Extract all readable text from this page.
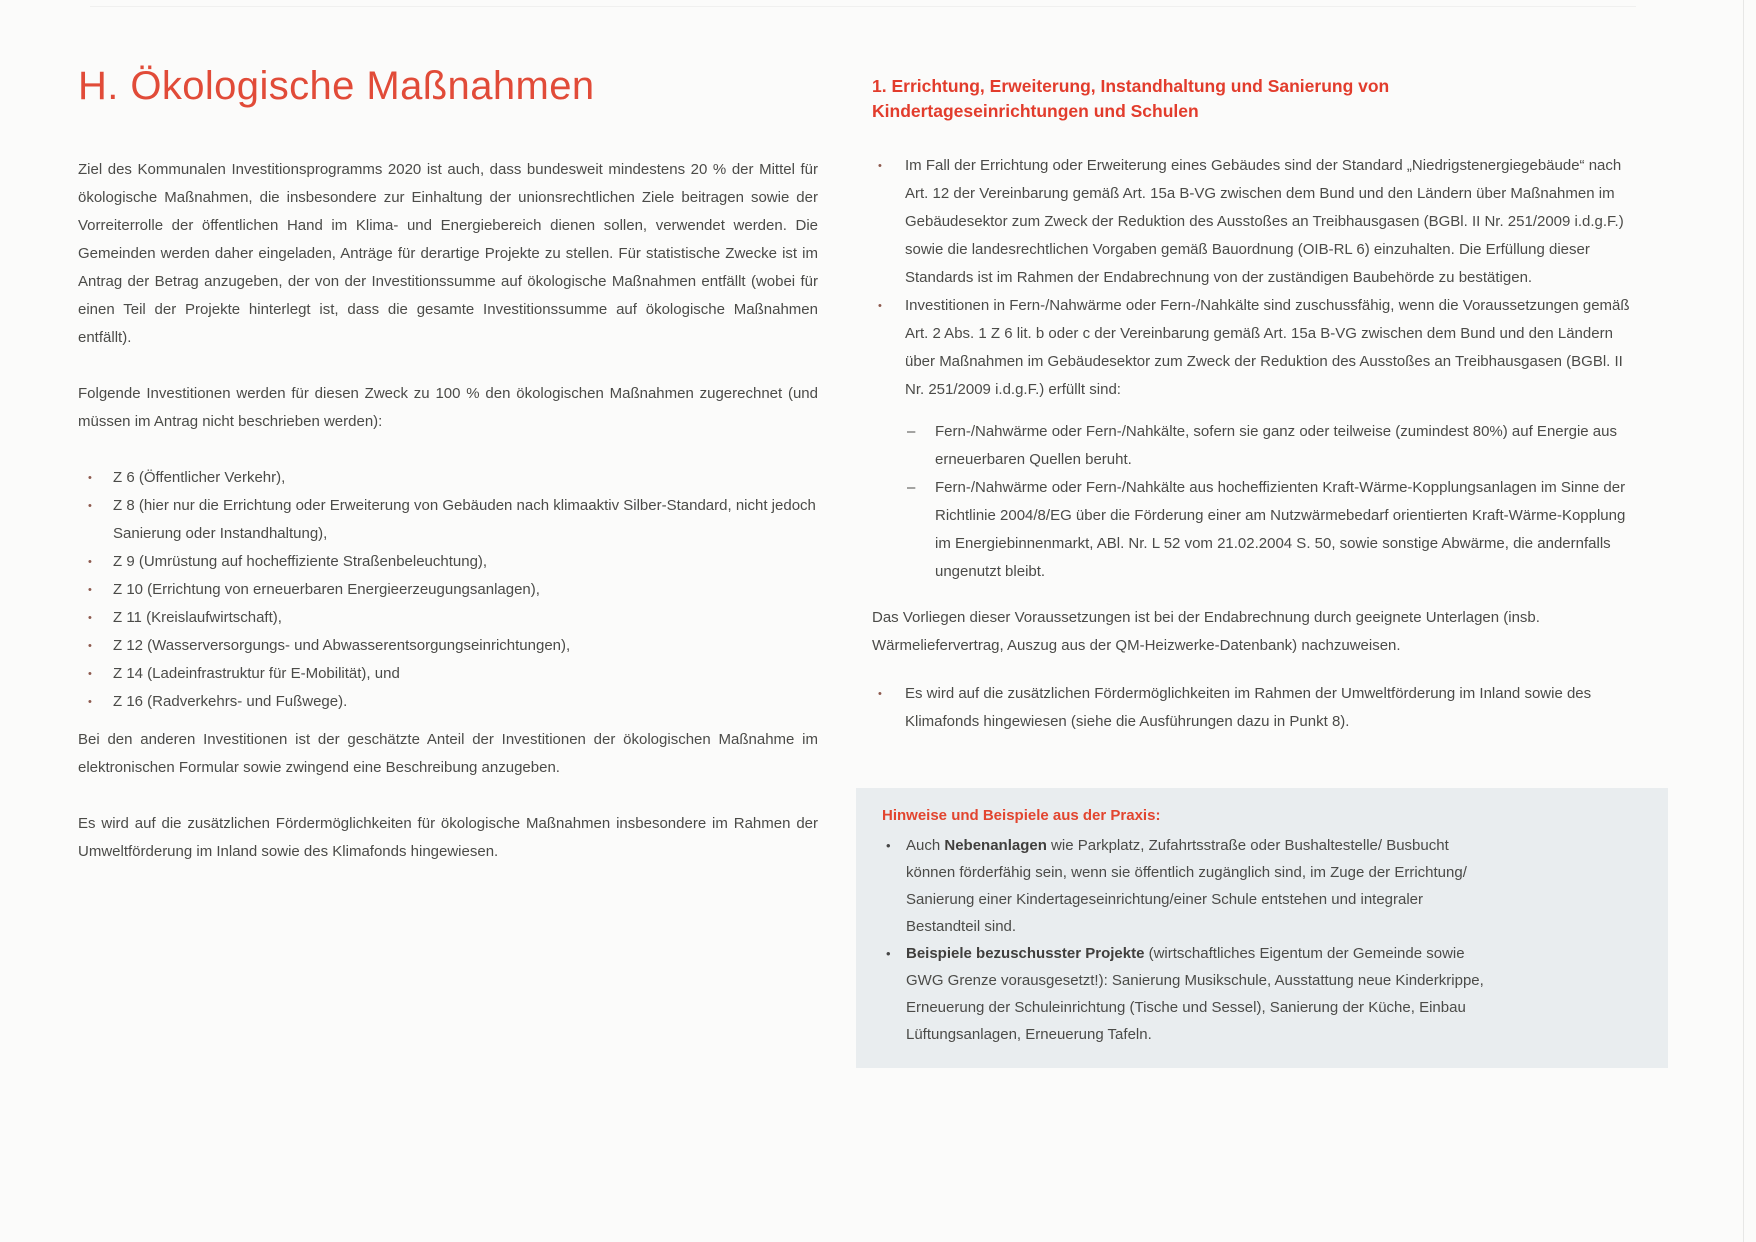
H. Ökologische Maßnahmen

Ziel des Kommunalen Investitionsprogramms 2020 ist auch, dass bundesweit mindestens 20 % der Mittel für ökologische Maßnahmen, die insbesondere zur Einhaltung der unionsrechtlichen Ziele beitragen sowie der Vorreiterrolle der öffentlichen Hand im Klima- und Energiebereich dienen sollen, verwendet werden. Die Gemeinden werden daher eingeladen, Anträge für derartige Projekte zu stellen. Für statistische Zwecke ist im Antrag der Betrag anzugeben, der von der Investitionssumme auf ökologische Maßnahmen entfällt (wobei für einen Teil der Projekte hinterlegt ist, dass die gesamte Investitionssumme auf ökologische Maßnahmen entfällt).

Folgende Investitionen werden für diesen Zweck zu 100 % den ökologischen Maßnahmen zugerechnet (und müssen im Antrag nicht beschrieben werden):

• Z 6 (Öffentlicher Verkehr),
• Z 8 (hier nur die Errichtung oder Erweiterung von Gebäuden nach klimaaktiv Silber-Standard, nicht jedoch Sanierung oder Instandhaltung),
• Z 9 (Umrüstung auf hocheffiziente Straßenbeleuchtung),
• Z 10 (Errichtung von erneuerbaren Energieerzeugungsanlagen),
• Z 11 (Kreislaufwirtschaft),
• Z 12 (Wasserversorgungs- und Abwasserentsorgungseinrichtungen),
• Z 14 (Ladeinfrastruktur für E-Mobilität), und
• Z 16 (Radverkehrs- und Fußwege).

Bei den anderen Investitionen ist der geschätzte Anteil der Investitionen der ökologischen Maßnahme im elektronischen Formular sowie zwingend eine Beschreibung anzugeben.

Es wird auf die zusätzlichen Fördermöglichkeiten für ökologische Maßnahmen insbesondere im Rahmen der Umweltförderung im Inland sowie des Klimafonds hingewiesen.

1. Errichtung, Erweiterung, Instandhaltung und Sanierung von Kindertageseinrichtungen und Schulen
• Im Fall der Errichtung oder Erweiterung eines Gebäudes sind der Standard „Niedrigstenergiegebäude“ nach Art. 12 der Vereinbarung gemäß Art. 15a B-VG zwischen dem Bund und den Ländern über Maßnahmen im Gebäudesektor zum Zweck der Reduktion des Ausstoßes an Treibhausgasen (BGBl. II Nr. 251/2009 i.d.g.F.) sowie die landesrechtlichen Vorgaben gemäß Bauordnung (OIB-RL 6) einzuhalten. Die Erfüllung dieser Standards ist im Rahmen der Endabrechnung von der zuständigen Baubehörde zu bestätigen.
• Investitionen in Fern-/Nahwärme oder Fern-/Nahkälte sind zuschussfähig, wenn die Voraussetzungen gemäß Art. 2 Abs. 1 Z 6 lit. b oder c der Vereinbarung gemäß Art. 15a B-VG zwischen dem Bund und den Ländern über Maßnahmen im Gebäudesektor zum Zweck der Reduktion des Ausstoßes an Treibhausgasen (BGBl. II Nr. 251/2009 i.d.g.F.) erfüllt sind:
– Fern-/Nahwärme oder Fern-/Nahkälte, sofern sie ganz oder teilweise (zumindest 80%) auf Energie aus erneuerbaren Quellen beruht.
– Fern-/Nahwärme oder Fern-/Nahkälte aus hocheffizienten Kraft-Wärme-Kopplungsanlagen im Sinne der Richtlinie 2004/8/EG über die Förderung einer am Nutzwärmebedarf orientierten Kraft-Wärme-Kopplung im Energiebinnenmarkt, ABl. Nr. L 52 vom 21.02.2004 S. 50, sowie sonstige Abwärme, die andernfalls ungenutzt bleibt.

Das Vorliegen dieser Voraussetzungen ist bei der Endabrechnung durch geeignete Unterlagen (insb. Wärmeliefervertrag, Auszug aus der QM-Heizwerke-Datenbank) nachzuweisen.

• Es wird auf die zusätzlichen Fördermöglichkeiten im Rahmen der Umweltförderung im Inland sowie des Klimafonds hingewiesen (siehe die Ausführungen dazu in Punkt 8).
Hinweise und Beispiele aus der Praxis:
• Auch Nebenanlagen wie Parkplatz, Zufahrtsstraße oder Bushaltestelle/ Busbucht können förderfähig sein, wenn sie öffentlich zugänglich sind, im Zuge der Errichtung/ Sanierung einer Kindertageseinrichtung/einer Schule entstehen und integraler Bestandteil sind.
• Beispiele bezuschusster Projekte (wirtschaftliches Eigentum der Gemeinde sowie GWG Grenze vorausgesetzt!): Sanierung Musikschule, Ausstattung neue Kinderkrippe, Erneuerung der Schuleinrichtung (Tische und Sessel), Sanierung der Küche, Einbau Lüftungsanlagen, Erneuerung Tafeln.
